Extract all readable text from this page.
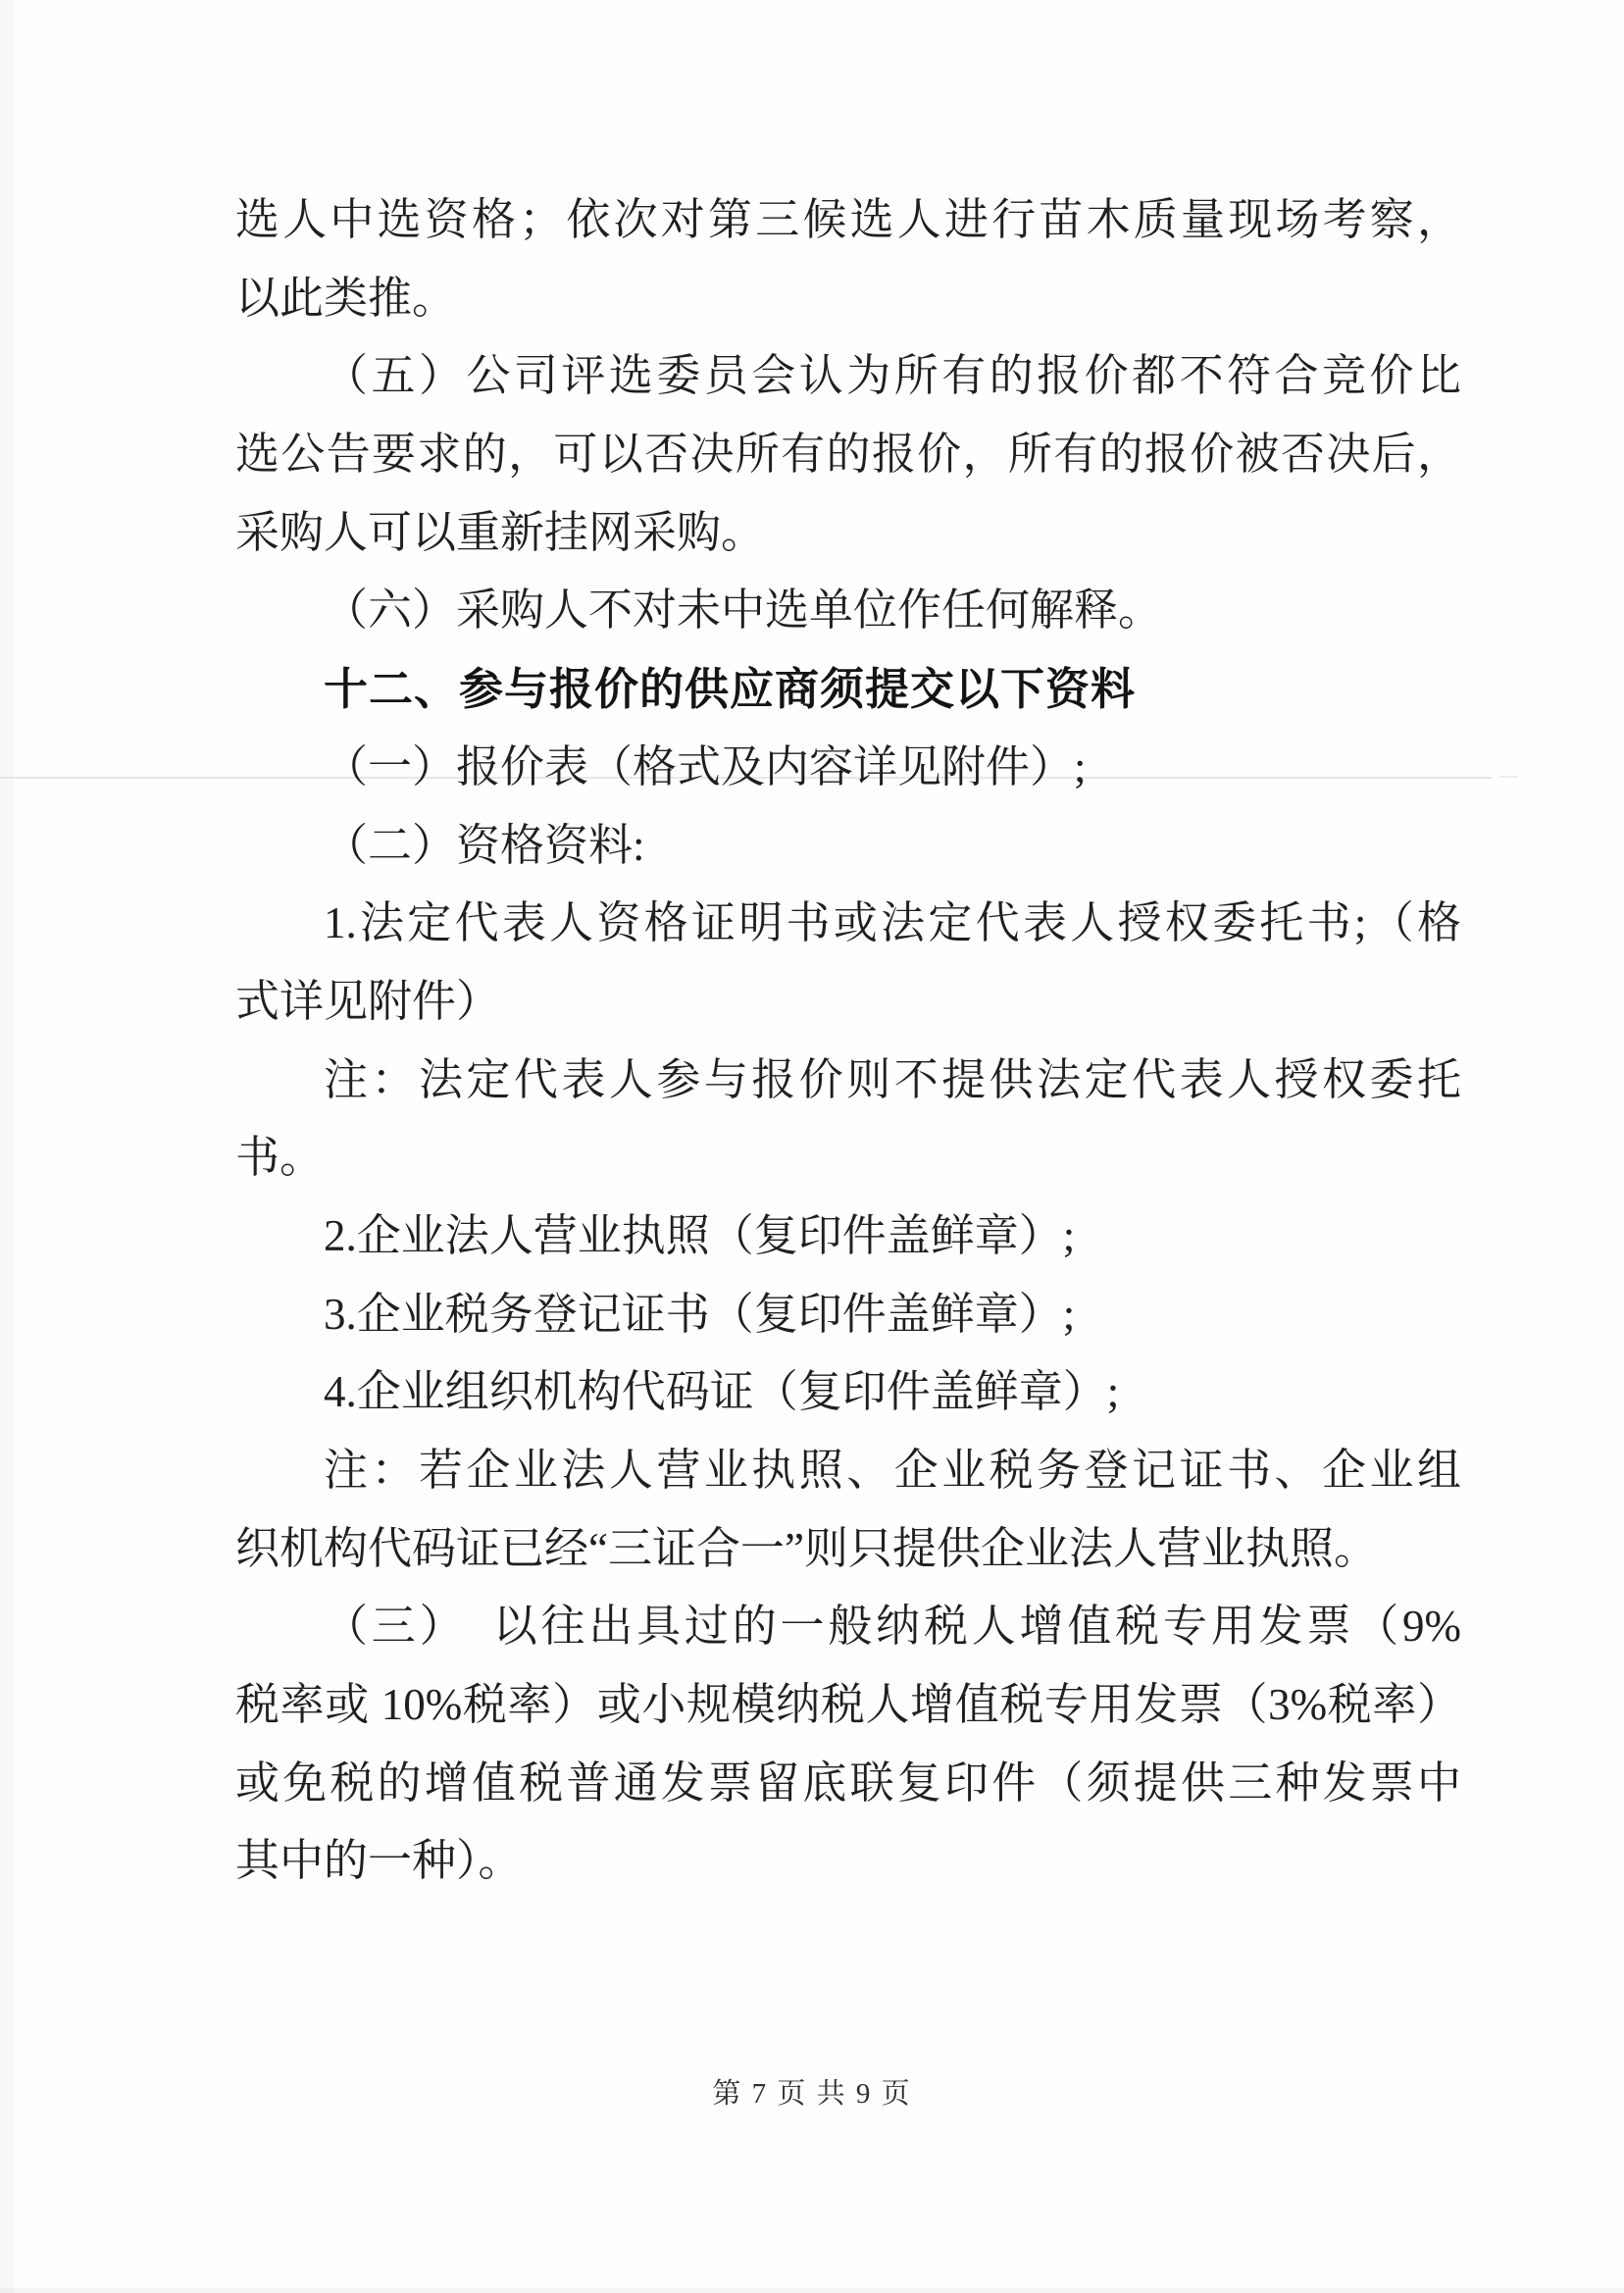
选人中选资格；依次对第三候选人进行苗木质量现场考察，
以此类推。
（五）公司评选委员会认为所有的报价都不符合竞价比
选公告要求的，可以否决所有的报价，所有的报价被否决后，
采购人可以重新挂网采购。
（六）采购人不对未中选单位作任何解释。
十二、参与报价的供应商须提交以下资料
（一）报价表（格式及内容详见附件）;
（二）资格资料:
1.法定代表人资格证明书或法定代表人授权委托书;（格
式详见附件）
注：法定代表人参与报价则不提供法定代表人授权委托
书。
2.企业法人营业执照（复印件盖鲜章）;
3.企业税务登记证书（复印件盖鲜章）;
4.企业组织机构代码证（复印件盖鲜章）;
注：若企业法人营业执照、企业税务登记证书、企业组
织机构代码证已经“三证合一”则只提供企业法人营业执照。
（三）　以往出具过的一般纳税人增值税专用发票（9%
税率或 10%税率）或小规模纳税人增值税专用发票（3%税率）
或免税的增值税普通发票留底联复印件（须提供三种发票中
其中的一种）。
第 7 页 共 9 页
